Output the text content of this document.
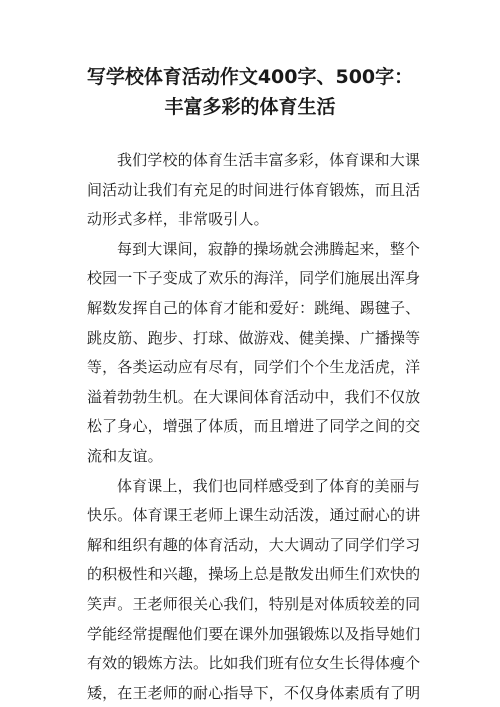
写学校体育活动作文400字、500字：
丰富多彩的体育生活
我们学校的体育生活丰富多彩，体育课和大课
间活动让我们有充足的时间进行体育锻炼，而且活
动形式多样，非常吸引人。
每到大课间，寂静的操场就会沸腾起来，整个
校园一下子变成了欢乐的海洋，同学们施展出浑身
解数发挥自己的体育才能和爱好：跳绳、踢毽子、
跳皮筋、跑步、打球、做游戏、健美操、广播操等
等，各类运动应有尽有，同学们个个生龙活虎，洋
溢着勃勃生机。在大课间体育活动中，我们不仅放
松了身心，增强了体质，而且增进了同学之间的交
流和友谊。
体育课上，我们也同样感受到了体育的美丽与
快乐。体育课王老师上课生动活泼，通过耐心的讲
解和组织有趣的体育活动，大大调动了同学们学习
的积极性和兴趣，操场上总是散发出师生们欢快的
笑声。王老师很关心我们，特别是对体质较差的同
学能经常提醒他们要在课外加强锻炼以及指导她们
有效的锻炼方法。比如我们班有位女生长得体瘦个
矮，在王老师的耐心指导下，不仅身体素质有了明
